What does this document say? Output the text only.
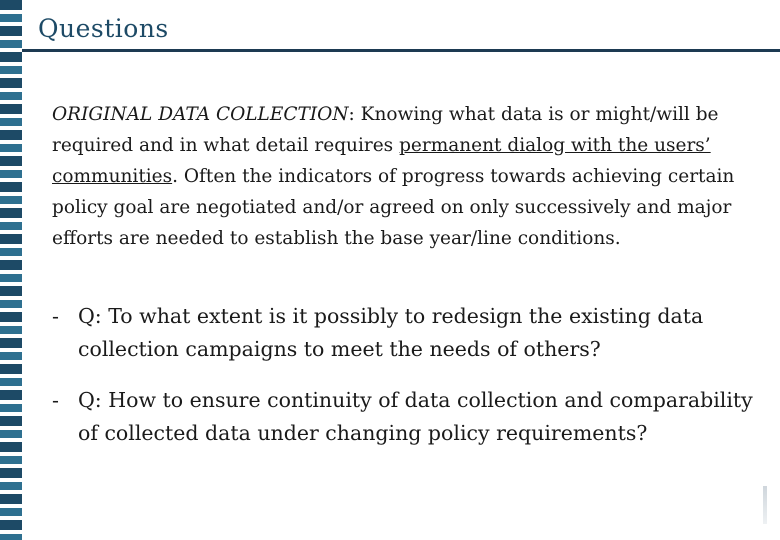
Questions

ORIGINAL DATA COLLECTION: Knowing what data is or might/will be required and in what detail requires permanent dialog with the users’ communities. Often the indicators of progress towards achieving certain policy goal are negotiated and/or agreed on only successively and major efforts are needed to establish the base year/line conditions.

- Q: To what extent is it possibly to redesign the existing data collection campaigns to meet the needs of others?
- Q: How to ensure continuity of data collection and comparability of collected data under changing policy requirements?
